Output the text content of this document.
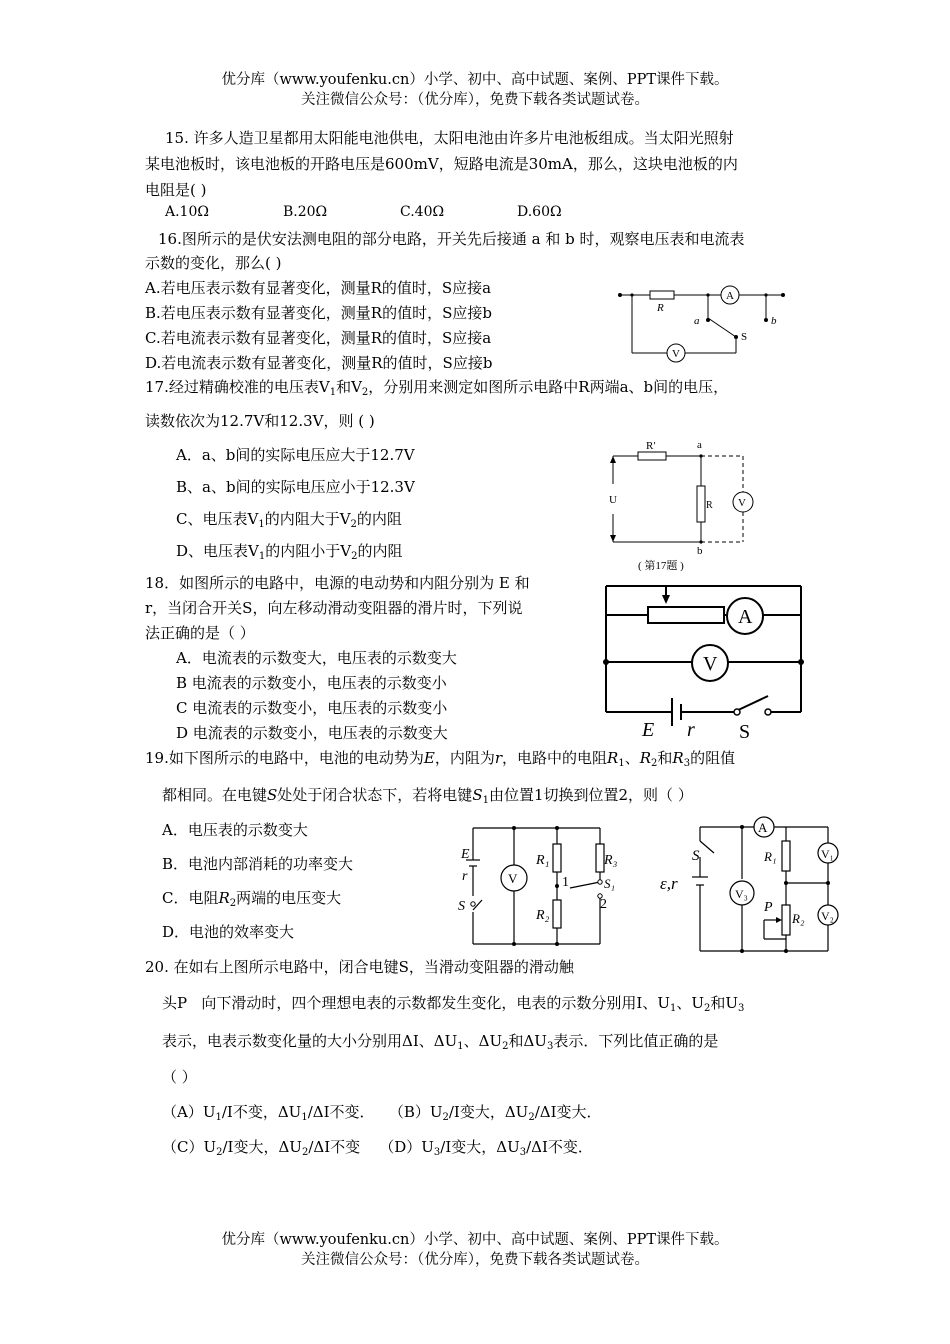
优分库（www.youfenku.cn）小学、初中、高中试题、案例、PPT课件下载。
关注微信公众号：（优分库），免费下载各类试题试卷。
15. 许多人造卫星都用太阳能电池供电，太阳电池由许多片电池板组成。当太阳光照射
某电池板时，该电池板的开路电压是600mV，短路电流是30mA，那么，这块电池板的内
电阻是( )
A.10Ω	B.20Ω	C.40Ω	D.60Ω
16.图所示的是伏安法测电阻的部分电路，开关先后接通 a 和 b 时，观察电压表和电流表
示数的变化，那么( )
A.若电压表示数有显著变化，测量R的值时，S应接a
B.若电压表示数有显著变化，测量R的值时，S应接b
C.若电流表示数有显著变化，测量R的值时，S应接a
D.若电流表示数有显著变化，测量R的值时，S应接b
R
A
V
a	b
S
17.经过精确校准的电压表$V_1$和$V_2$，分别用来测定如图所示电路中R两端a、b间的电压，
读数依次为12.7V和12.3V，则 ( )
A．a、b间的实际电压应大于12.7V
B、a、b间的实际电压应小于12.3V
C、电压表$V_1$的内阻大于$V_2$的内阻
D、电压表$V_1$的内阻小于$V_2$的内阻
R′	a
U	R V
b
( 第17题 )
18．如图所示的电路中，电源的电动势和内阻分别为 E 和
r，当闭合开关S，向左移动滑动变阻器的滑片时，下列说
法正确的是（ ）
A．电流表的示数变大，电压表的示数变大
B 电流表的示数变小，电压表的示数变小
C 电流表的示数变小，电压表的示数变小
D 电流表的示数变小，电压表的示数变大
A
V
E r S
19.如下图所示的电路中，电池的电动势为E，内阻为r，电路中的电阻$R_1$、$R_2$和$R_3$的阻值
都相同。在电键S处处于闭合状态下，若将电键$S_1$由位置1切换到位置2，则（ ）
A．电压表的示数变大
B．电池内部消耗的功率变大
C．电阻$R_2$两端的电压变大
D．电池的效率变大
E
r
S
V
R₁	R₃
1	S₁
R₂
2
A
S	R₁	V₁
ε,r
V₃
P
R₂ V₂
20. 在如右上图所示电路中，闭合电键S，当滑动变阻器的滑动触
头P   向下滑动时，四个理想电表的示数都发生变化，电表的示数分别用I、$U_1$、$U_2$和$U_3$
表示，电表示数变化量的大小分别用ΔI、$\Delta U_1$、$\Delta U_2$和$\Delta U_3$表示．下列比值正确的是
（ ）
$(A)U_1/I$不变，$\Delta U_1/\Delta I$不变．   $(B)U_2/I$变大，$\Delta U_2/\Delta I$变大．
$(C)U_2/I$变大，$\Delta U_2/\Delta I$不变    $(D)U_3/I$变大，$\Delta U_3/\Delta I$不变．
优分库（www.youfenku.cn）小学、初中、高中试题、案例、PPT课件下载。
关注微信公众号：（优分库），免费下载各类试题试卷。
